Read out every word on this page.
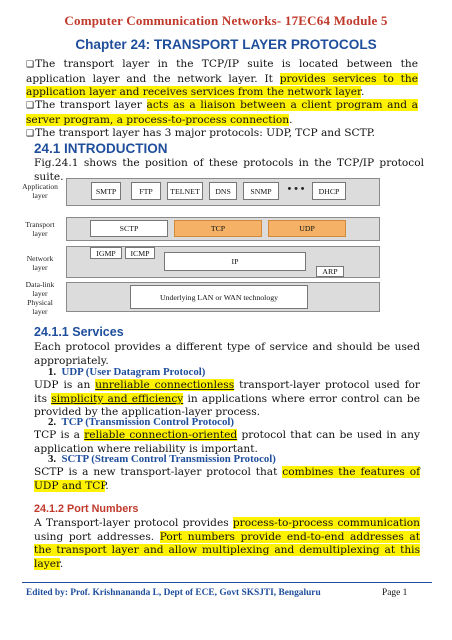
Computer Communication Networks- 17EC64 Module 5
Chapter 24: TRANSPORT LAYER PROTOCOLS
❑The transport layer in the TCP/IP suite is located between the application layer and the network layer. It provides services to the application layer and receives services from the network layer.
❑The transport layer acts as a liaison between a client program and a server program, a process-to-process connection.
❑The transport layer has 3 major protocols: UDP, TCP and SCTP.
24.1 INTRODUCTION
Fig.24.1 shows the position of these protocols in the TCP/IP protocol suite.
Application layer
Transport layer
Network layer
Data-link layer
Physical layer
SMTP	FTP	TELNET	DNS	SNMP	• • •	DHCP
SCTP	TCP	UDP
IGMP	ICMP
IP
ARP
Underlying LAN or WAN technology
24.1.1 Services
Each protocol provides a different type of service and should be used appropriately.
1. UDP (User Datagram Protocol)
UDP is an unreliable connectionless transport-layer protocol used for its simplicity and efficiency in applications where error control can be provided by the application-layer process.
2. TCP (Transmission Control Protocol)
TCP is a reliable connection-oriented protocol that can be used in any application where reliability is important.
3. SCTP (Stream Control Transmission Protocol)
SCTP is a new transport-layer protocol that combines the features of UDP and TCP.
24.1.2 Port Numbers
A Transport-layer protocol provides process-to-process communication using port addresses. Port numbers provide end-to-end addresses at the transport layer and allow multiplexing and demultiplexing at this layer.
Edited by: Prof. Krishnananda L, Dept of ECE, Govt SKSJTI, Bengaluru	Page 1
